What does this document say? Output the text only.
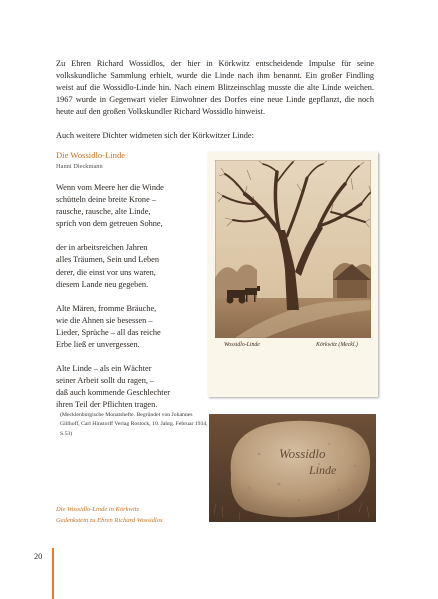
Zu Ehren Richard Wossidlos, der hier in Körkwitz entscheidende Impulse für seine volkskundliche Sammlung erhielt, wurde die Linde nach ihm benannt. Ein großer Findling weist auf die Wossidlo-Linde hin. Nach einem Blitzeinschlag musste die alte Linde weichen. 1967 wurde in Gegenwart vieler Einwohner des Dorfes eine neue Linde gepflanzt, die noch heute auf den großen Volkskundler Richard Wossidlo hinweist.

Auch weitere Dichter widmeten sich der Körkwitzer Linde:

Die Wossidlo-Linde
Hanni Dieckmann
Wenn vom Meere her die Winde
schütteln deine breite Krone –
rausche, rausche, alte Linde,
sprich von dem getreuen Sohne,
der in arbeitsreichen Jahren
alles Träumen, Sein und Leben
derer, die einst vor uns waren,
diesem Lande neu gegeben.
Alte Mären, fromme Bräuche,
wie die Ahnen sie besessen –
Lieder, Sprüche – all das reiche
Erbe ließ er unvergessen.
Alte Linde – als ein Wächter
seiner Arbeit sollt du ragen, –
daß auch kommende Geschlechter
ihren Teil der Pflichten tragen.
(Mecklenburgische Monatshefte. Begründet von Johannes Gillhoff, Carl Hinstorff Verlag Rostock, 10. Jahrg. Februar 1934, S.53)
Wossidlo-Linde	Körkwitz (Meckl.)
Wossidlo
Linde
Die Wossidlo-Linde in Körkwitz
Gedenkstein zu Ehren Richard Wossidlos
20
